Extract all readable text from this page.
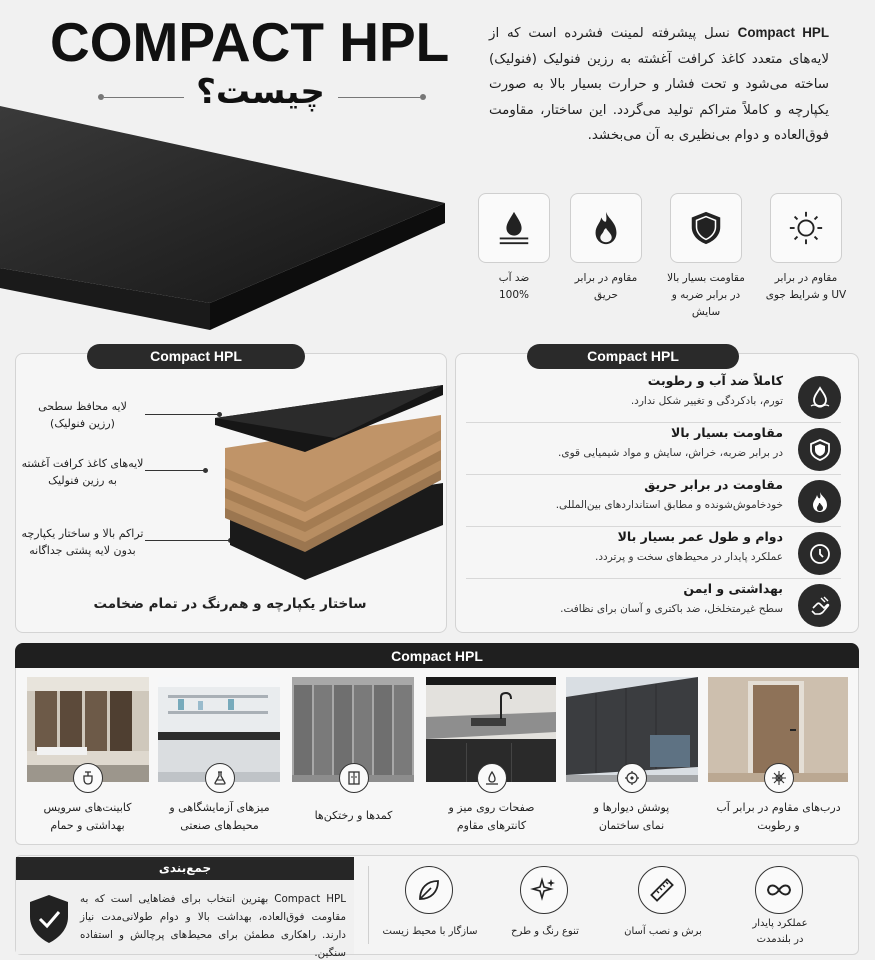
COMPACT HPL
چیست؟
Compact HPL نسل پیشرفته لمینت فشرده است که از لایه‌های متعدد کاغذ کرافت آغشته به رزین فنولیک (فنولیک) ساخته می‌شود و تحت فشار و حرارت بسیار بالا به صورت یکپارچه و کاملاً متراکم تولید می‌گردد. این ساختار، مقاومت فوق‌العاده و دوام بی‌نظیری به آن می‌بخشد.
مقاوم در برابر
UV و شرایط جوی
مقاومت بسیار بالا
در برابر ضربه و سایش
مقاوم در برابر
حریق
ضد آب
100%
Compact HPL
لایه محافظ سطحی
(رزین فنولیک)
لایه‌های کاغذ کرافت آغشته
به رزین فنولیک
تراکم بالا و ساختار یکپارچه
بدون لایه پشتی جداگانه
ساختار یکپارچه و هم‌رنگ در تمام ضخامت
Compact HPL
کاملاً ضد آب و رطوبت
تورم، بادکردگی و تغییر شکل ندارد.
مقاومت بسیار بالا
در برابر ضربه، خراش، سایش و مواد شیمیایی قوی.
مقاومت در برابر حریق
خودخاموش‌شونده و مطابق استانداردهای بین‌المللی.
دوام و طول عمر بسیار بالا
عملکرد پایدار در محیط‌های سخت و پرتردد.
بهداشتی و ایمن
سطح غیرمتخلخل، ضد باکتری و آسان برای نظافت.
Compact HPL
کابینت‌های سرویس
بهداشتی و حمام
میزهای آزمایشگاهی و
محیط‌های صنعتی
کمدها و رختکن‌ها
صفحات روی میز و
کانترهای مقاوم
پوشش دیوارها و
نمای ساختمان
درب‌های مقاوم در برابر آب
و رطوبت
جمع‌بندی
Compact HPL بهترین انتخاب برای فضاهایی است که به مقاومت فوق‌العاده، بهداشت بالا و دوام طولانی‌مدت نیاز دارند. راهکاری مطمئن برای محیط‌های پرچالش و استفاده سنگین.
عملکرد پایدار
در بلندمدت
برش و نصب آسان
تنوع رنگ و طرح
سازگار با محیط زیست
